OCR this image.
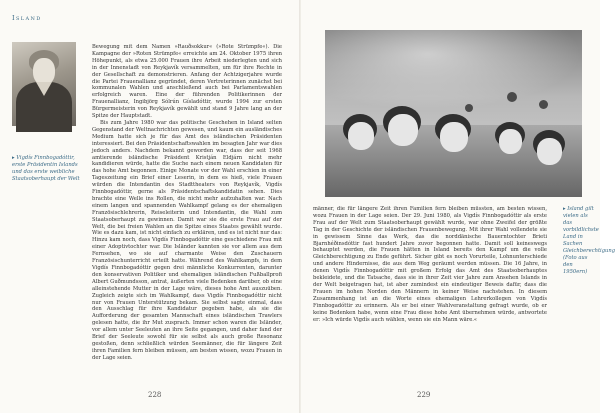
Island
▸ Vigdís Finnbogadóttir, erste Präsidentin Islands und das erste weibliche Staatsoberhaupt der Welt

Bewegung mit dem Namen »Rauðsokkur« (»Rote Strümpfe«). Die Kampagne der »Roten Strümpfe« erreichte am 24. Oktober 1975 ihren Höhepunkt, als etwa 25.000 Frauen ihre Arbeit niederlegten und sich in der Innenstadt von Reykjavík versammelten, um für ihre Rechte in der Gesellschaft zu demonstrieren. Anfang der Achtzigerjahre wurde die Partei Frauenallianz gegründet, deren Vertreterinnen zunächst bei kommunalen Wahlen und anschließend auch bei Parlamentswahlen erfolgreich waren. Eine der führenden Politikerinnen der Frauenallianz, Ingibjörg Sólrún Gísladóttir, wurde 1994 zur ersten Bürgermeisterin von Reykjavík gewählt und stand 9 Jahre lang an der Spitze der Hauptstadt.

Bis zum Jahre 1980 war das politische Geschehen in Island selten Gegenstand der Weltnachrichten gewesen, und kaum ein ausländisches Medium hatte sich je für das Amt des isländischen Präsidenten interessiert. Bei den Präsidentschaftswahlen im besagten Jahr war dies jedoch anders. Nachdem bekannt geworden war, dass der seit 1968 amtierende isländische Präsident Kristján Eldjárn nicht mehr kandidieren würde, hatte die Suche nach einem neuen Kandidaten für das hohe Amt begonnen. Einige Monate vor der Wahl erschien in einer Tageszeitung ein Brief einer Leserin, in dem es hieß, viele Frauen würden die Intendantin des Stadttheaters von Reykjavík, Vigdís Finnbogadóttir, gerne als Präsidentschaftskandidatin sehen. Dies brachte eine Welle ins Rollen, die nicht mehr aufzuhalten war. Nach einem langen und spannenden Wahlkampf gelang es der ehemaligen Französischlehrerin, Reiseleiterin und Intendantin, die Wahl zum Staatsoberhaupt zu gewinnen. Damit war sie die erste Frau auf der Welt, die bei freien Wahlen an die Spitze eines Staates gewählt wurde. Wie es dazu kam, ist nicht einfach zu erklären, und es ist nicht nur das: Hinzu kam noch, dass Vigdís Finnbogadóttir eine geschiedene Frau mit einer Adoptivtochter war. Die Isländer kannten sie vor allem aus dem Fernsehen, wo sie auf charmante Weise den Zuschauern Französischunterricht erteilt hatte. Während des Wahlkampfs, in dem Vigdís Finnbogadóttir gegen drei männliche Konkurrenten, darunter den konservativen Politiker und ehemaligen isländischen Fußballprofi Albert Guðmundsson, antrat, äußerten viele Bedenken darüber, ob eine alleinstehende Mutter in der Lage wäre, dieses hohe Amt auszuüben. Zugleich zeigte sich im Wahlkampf, dass Vigdís Finnbogadóttir nicht nur von Frauen Unterstützung bekam. Sie selbst sagte einmal, dass den Ausschlag für ihre Kandidatur gegeben habe, als sie die Aufforderung der gesamten Mannschaft eines isländischen Trawlers gelesen hatte, die ihr Mut zusprach. Immer schon waren die Isländer, vor allem unter Seeleuten an ihre Seite gegangen, und daher fand der Brief der Seeleute sowohl für sie selbst als auch große Resonanz gestoßen, denn schließlich würden Seemänner, die für längere Zeit ihren Familien fern bleiben müssen, am besten wissen, wozu Frauen in der Lage seien.

228

männer, die für längere Zeit ihren Familien fern bleiben müssten, am besten wissen, wozu Frauen in der Lage seien. Der 29. Juni 1980, als Vigdís Finnbogadóttir als erste Frau auf der Welt zum Staatsoberhaupt gewählt wurde, war ohne Zweifel der größte Tag in der Geschichte der isländischen Frauenbewegung. Mit ihrer Wahl vollendete sie in gewissem Sinne das Werk, das die norddänische Bauerntochter Brieti Bjarnhéðinsdóttir fast hundert Jahre zuvor begonnen hatte. Damit soll keineswegs behauptet werden, die Frauen hätten in Island bereits den Kampf um die volle Gleichberechtigung zu Ende geführt. Sicher gibt es noch Vorurteile, Lohnunterschiede und andere Hindernisse, die aus dem Weg geräumt werden müssen. Die 16 Jahre, in denen Vigdís Finnbogadóttir mit großem Erfolg das Amt des Staatsoberhauptes bekleidete, und die Tatsache, dass sie in ihrer Zeit vier Jahre zum Ansehen Islands in der Welt beigetragen hat, ist aber zumindest ein eindeutiger Beweis dafür, dass die Frauen im hohen Norden den Männern in keiner Weise nachstehen. In diesem Zusammenhang ist an die Worte eines ehemaligen Lehrerkollegen von Vigdís Finnbogadóttir zu erinnern. Als er bei einer Wahlveranstaltung gefragt wurde, ob er keine Bedenken habe, wenn eine Frau diese hohe Amt übernehmen würde, antwortete er: »Ich würde Vigdís auch wählen, wenn sie ein Mann wäre.«

▸ Island gilt vielen als das vorbildlichste Land in Sachen Gleichberechtigung (Foto aus den 1950ern)
229
